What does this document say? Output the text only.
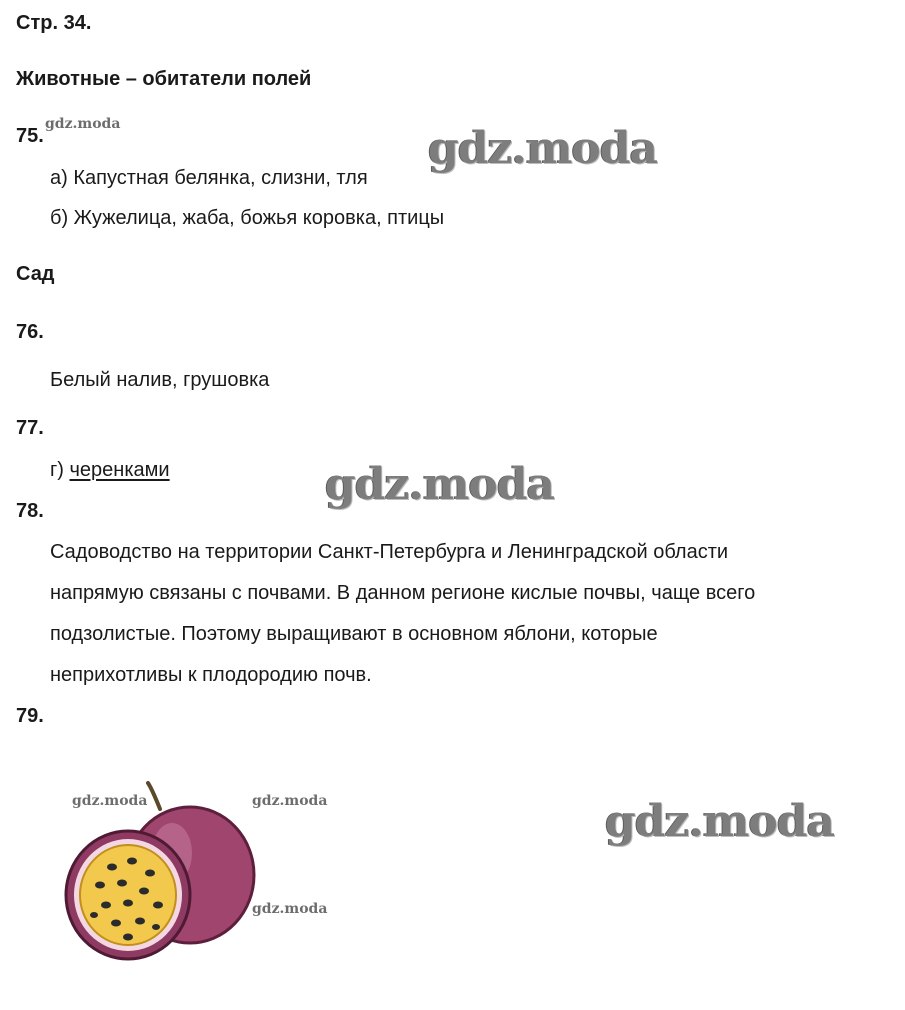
Стр. 34.
Животные – обитатели полей
75.
а) Капустная белянка, слизни, тля
б) Жужелица, жаба, божья коровка, птицы
Сад
76.
Белый налив, грушовка
77.
г) черенками
78.
Садоводство на территории Санкт-Петербурга и Ленинградской области
напрямую связаны с почвами. В данном регионе кислые почвы, чаще всего
подзолистые. Поэтому выращивают в основном яблони, которые
неприхотливы к плодородию почв.
79.
gdz.moda
gdz.moda
gdz.moda
gdz.moda
gdz.moda	gdz.moda
gdz.moda
